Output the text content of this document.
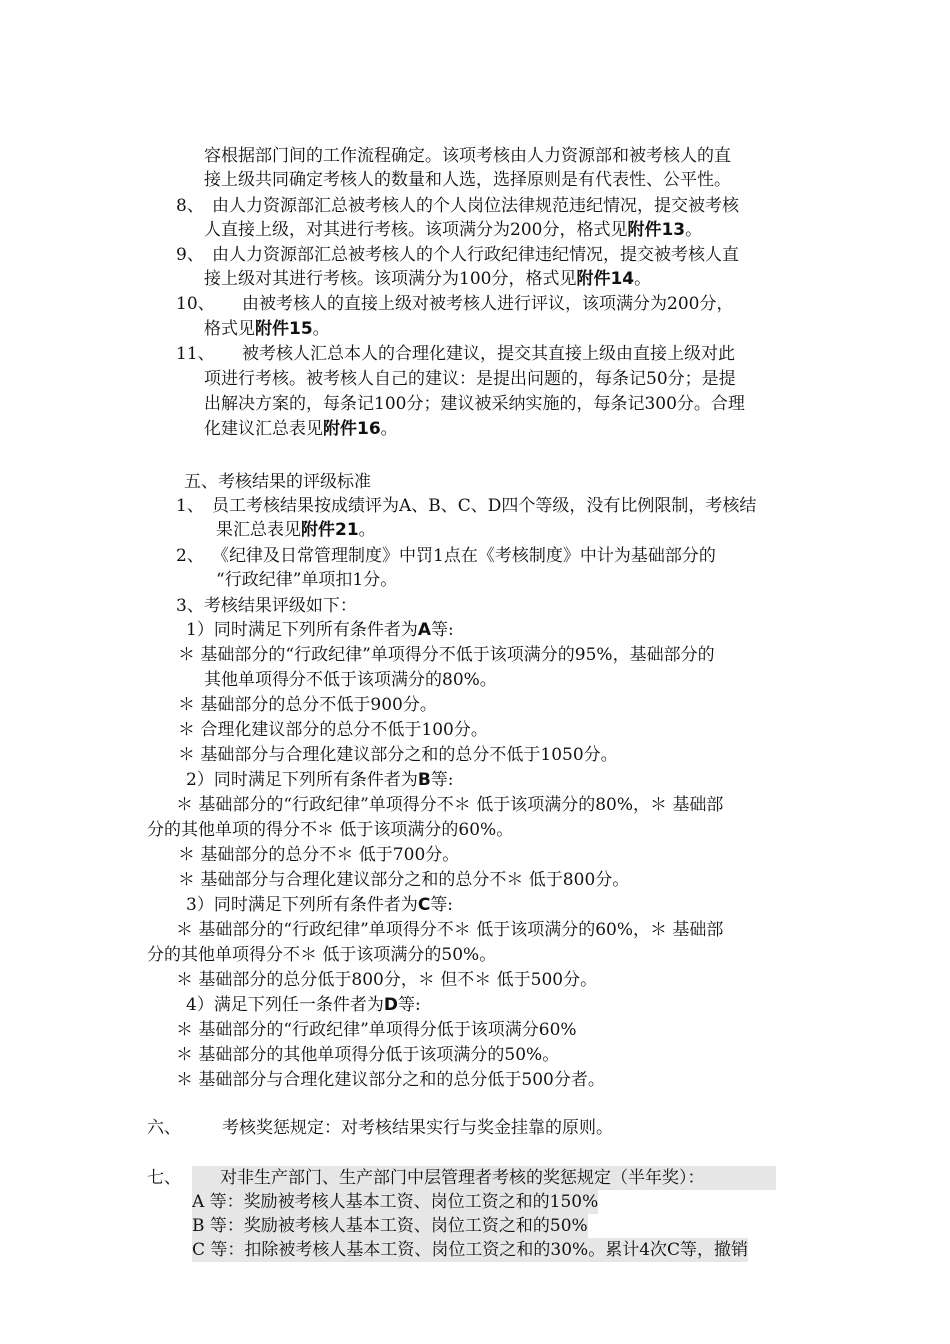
容根据部门间的工作流程确定。该项考核由人力资源部和被考核人的直
接上级共同确定考核人的数量和人选，选择原则是有代表性、公平性。
8、 由人力资源部汇总被考核人的个人岗位法律规范违纪情况，提交被考核
人直接上级，对其进行考核。该项满分为200分，格式见附件13。
9、 由人力资源部汇总被考核人的个人行政纪律违纪情况，提交被考核人直
接上级对其进行考核。该项满分为100分，格式见附件14。
10、 由被考核人的直接上级对被考核人进行评议，该项满分为200分，
格式见附件15。
11、 被考核人汇总本人的合理化建议，提交其直接上级由直接上级对此
项进行考核。被考核人自己的建议：是提出问题的，每条记50分；是提
出解决方案的，每条记100分；建议被采纳实施的，每条记300分。合理
化建议汇总表见附件16。
五、考核结果的评级标准
1、 员工考核结果按成绩评为A、B、C、D四个等级，没有比例限制，考核结
果汇总表见附件21。
2、 《纪律及日常管理制度》中罚1点在《考核制度》中计为基础部分的
“行政纪律”单项扣1分。
3、考核结果评级如下：
1）同时满足下列所有条件者为A等:
＊ 基础部分的“行政纪律”单项得分不低于该项满分的95%，基础部分的
其他单项得分不低于该项满分的80%。
＊ 基础部分的总分不低于900分。
＊ 合理化建议部分的总分不低于100分。
＊ 基础部分与合理化建议部分之和的总分不低于1050分。
2）同时满足下列所有条件者为B等:
＊ 基础部分的“行政纪律”单项得分不＊ 低于该项满分的80%，＊ 基础部
分的其他单项的得分不＊ 低于该项满分的60%。
＊ 基础部分的总分不＊ 低于700分。
＊ 基础部分与合理化建议部分之和的总分不＊ 低于800分。
3）同时满足下列所有条件者为C等:
＊ 基础部分的“行政纪律”单项得分不＊ 低于该项满分的60%，＊ 基础部
分的其他单项得分不＊ 低于该项满分的50%。
＊ 基础部分的总分低于800分，＊ 但不＊ 低于500分。
4）满足下列任一条件者为D等:
＊ 基础部分的“行政纪律”单项得分低于该项满分60%
＊ 基础部分的其他单项得分低于该项满分的50%。
＊ 基础部分与合理化建议部分之和的总分低于500分者。
六、 考核奖惩规定：对考核结果实行与奖金挂靠的原则。
七、	对非生产部门、生产部门中层管理者考核的奖惩规定（半年奖）：
A 等：奖励被考核人基本工资、岗位工资之和的150%
B 等：奖励被考核人基本工资、岗位工资之和的50%
C 等：扣除被考核人基本工资、岗位工资之和的30%。累计4次C等，撤销
